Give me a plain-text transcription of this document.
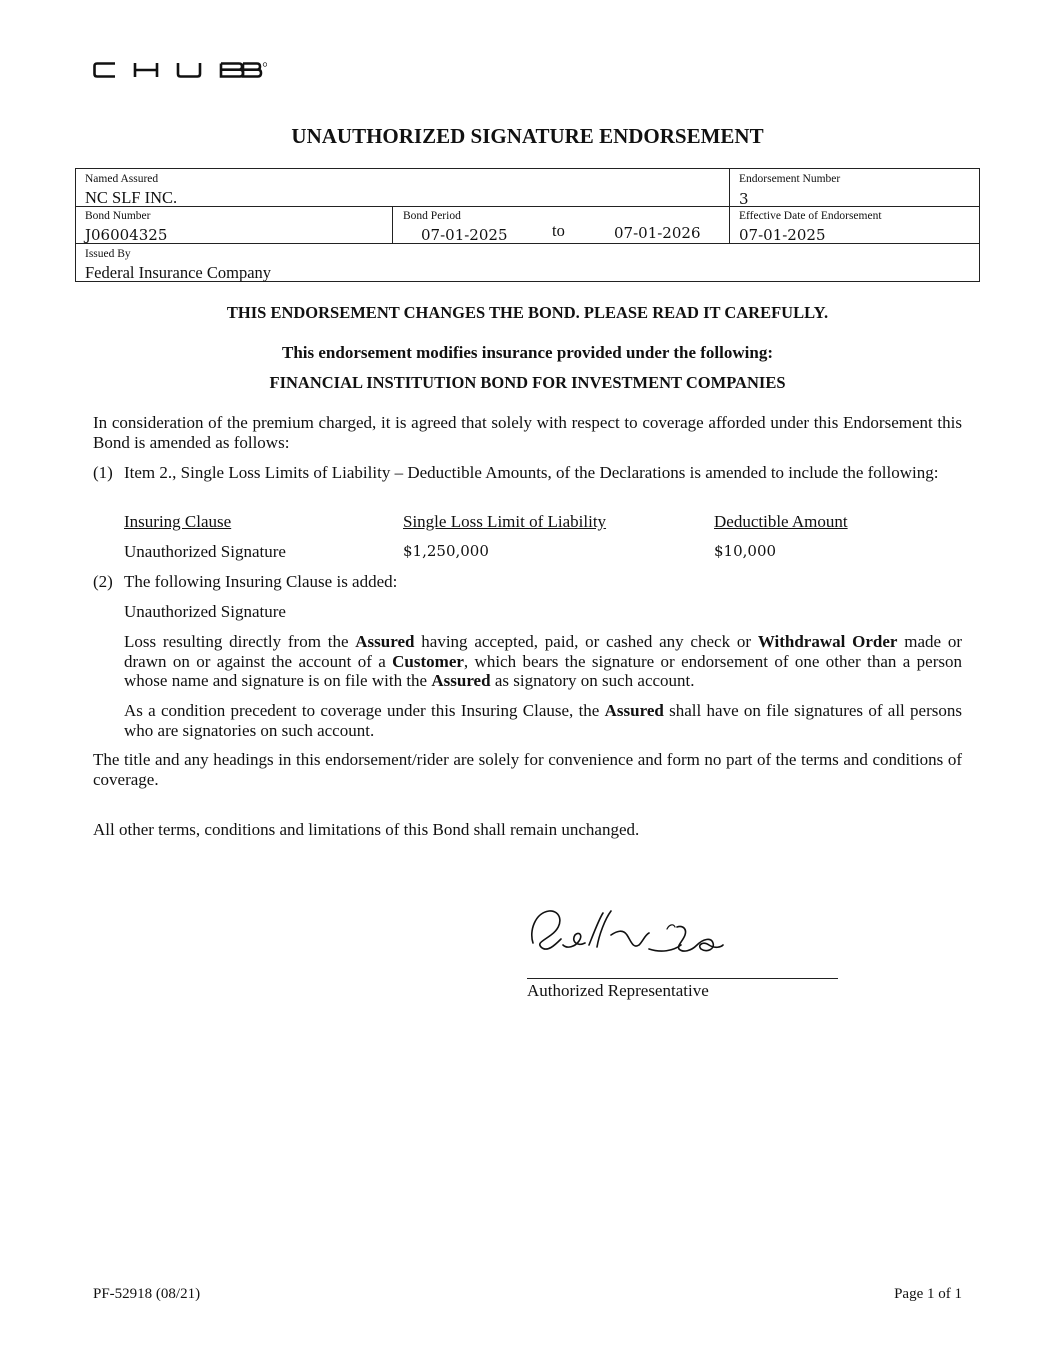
UNAUTHORIZED SIGNATURE ENDORSEMENT
Named Assured
NC SLF INC.
Endorsement Number
3
Bond Number
J06004325
Bond Period
07-01-2025	to	07-01-2026
Effective Date of Endorsement
07-01-2025
Issued By
Federal Insurance Company
THIS ENDORSEMENT CHANGES THE BOND. PLEASE READ IT CAREFULLY.
This endorsement modifies insurance provided under the following:
FINANCIAL INSTITUTION BOND FOR INVESTMENT COMPANIES
In consideration of the premium charged, it is agreed that solely with respect to coverage afforded under this Endorsement this Bond is amended as follows:
(1) Item 2., Single Loss Limits of Liability – Deductible Amounts, of the Declarations is amended to include the following:
Insuring Clause	Single Loss Limit of Liability	Deductible Amount
Unauthorized Signature	$1,250,000	$10,000
(2) The following Insuring Clause is added:
Unauthorized Signature
Loss resulting directly from the Assured having accepted, paid, or cashed any check or Withdrawal Order made or drawn on or against the account of a Customer, which bears the signature or endorsement of one other than a person whose name and signature is on file with the Assured as signatory on such account.
As a condition precedent to coverage under this Insuring Clause, the Assured shall have on file signatures of all persons who are signatories on such account.
The title and any headings in this endorsement/rider are solely for convenience and form no part of the terms and conditions of coverage.
All other terms, conditions and limitations of this Bond shall remain unchanged.
Authorized Representative
PF-52918 (08/21)	Page 1 of 1
